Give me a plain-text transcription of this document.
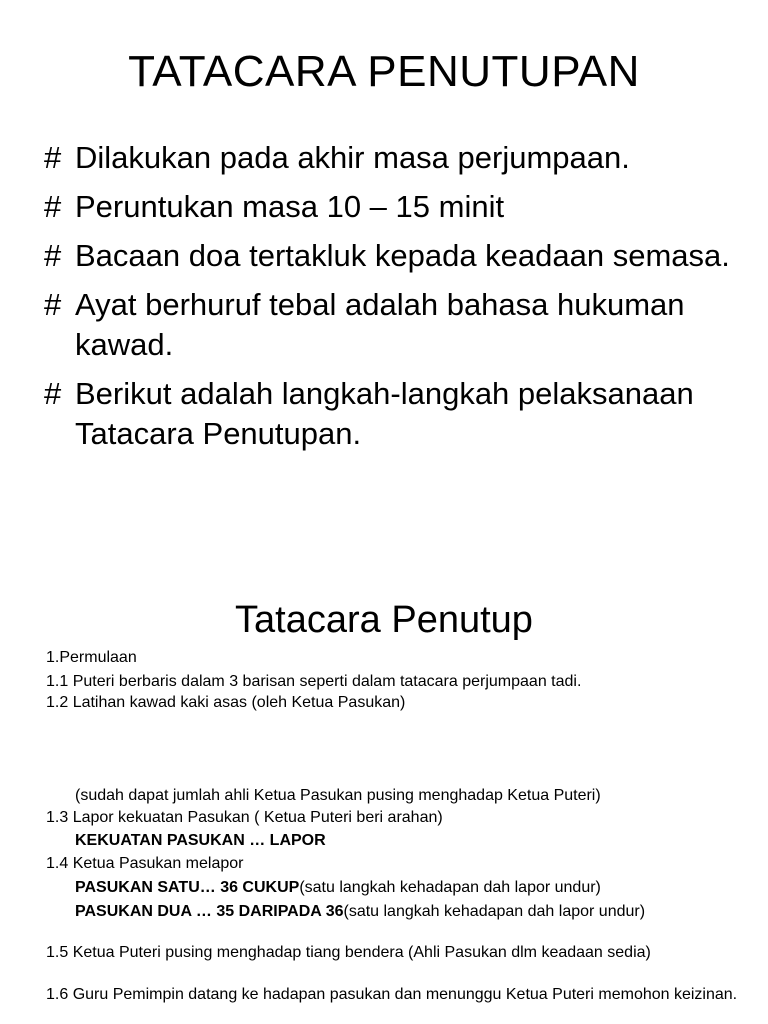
TATACARA PENUTUPAN
# Dilakukan pada akhir masa perjumpaan.
# Peruntukan masa 10 – 15 minit
# Bacaan doa tertakluk kepada keadaan semasa.
# Ayat berhuruf tebal adalah bahasa hukuman kawad.
# Berikut adalah langkah-langkah pelaksanaan Tatacara Penutupan.
Tatacara Penutup

1.Permulaan

1.1 Puteri berbaris dalam 3 barisan seperti dalam tatacara perjumpaan tadi.

1.2 Latihan kawad kaki asas (oleh Ketua Pasukan)

(sudah dapat jumlah ahli Ketua Pasukan pusing menghadap Ketua Puteri)

1.3 Lapor kekuatan Pasukan ( Ketua Puteri beri arahan)

KEKUATAN PASUKAN … LAPOR

1.4 Ketua Pasukan melapor

PASUKAN SATU… 36 CUKUP(satu langkah kehadapan dah lapor undur)

PASUKAN DUA … 35 DARIPADA 36(satu langkah kehadapan dah lapor undur)

1.5 Ketua Puteri pusing menghadap tiang bendera (Ahli Pasukan dlm keadaan sedia)

1.6 Guru Pemimpin datang ke hadapan pasukan dan menunggu Ketua Puteri memohon keizinan.
